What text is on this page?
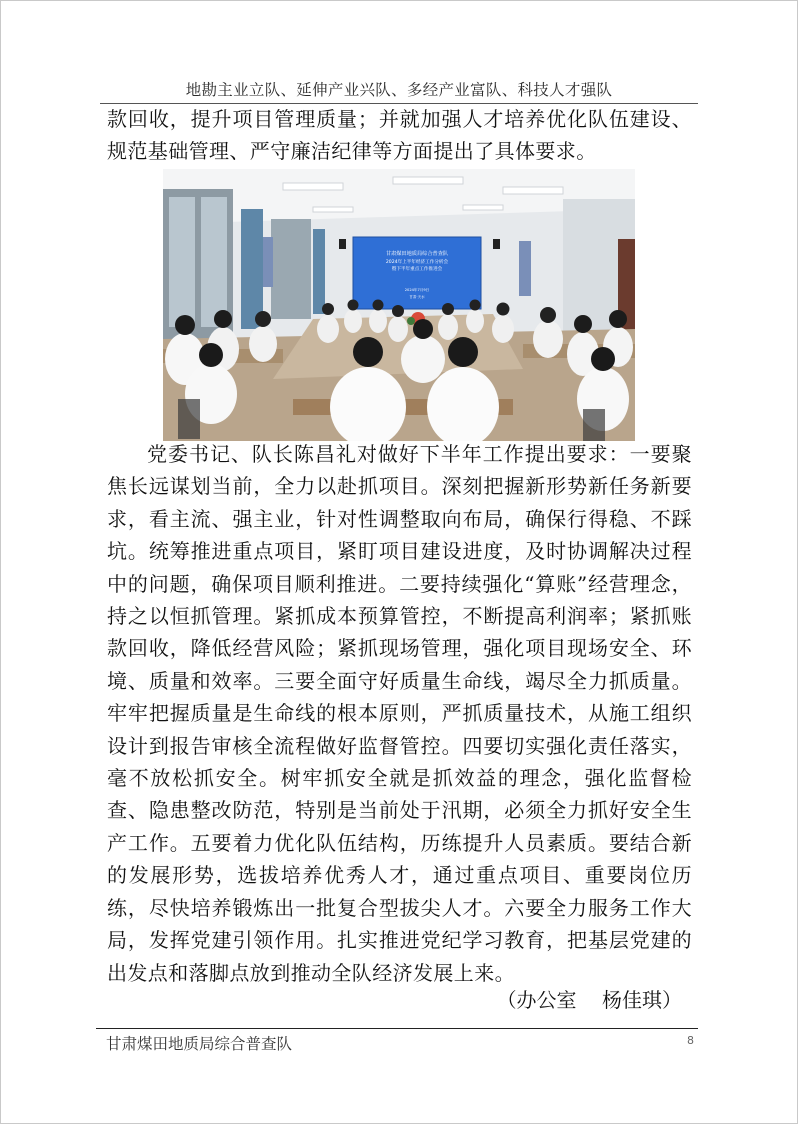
地勘主业立队、延伸产业兴队、多经产业富队、科技人才强队

款回收，提升项目管理质量；并就加强人才培养优化队伍建设、规范基础管理、严守廉洁纪律等方面提出了具体要求。

甘肃煤田地质局综合普查队
2024年上半年经济工作分析会
暨下半年重点工作推进会
2024年7月9日
甘肃·天水

党委书记、队长陈昌礼对做好下半年工作提出要求：一要聚焦长远谋划当前，全力以赴抓项目。深刻把握新形势新任务新要求，看主流、强主业，针对性调整取向布局，确保行得稳、不踩坑。统筹推进重点项目，紧盯项目建设进度，及时协调解决过程中的问题，确保项目顺利推进。二要持续强化“算账”经营理念，持之以恒抓管理。紧抓成本预算管控，不断提高利润率；紧抓账款回收，降低经营风险；紧抓现场管理，强化项目现场安全、环境、质量和效率。三要全面守好质量生命线，竭尽全力抓质量。牢牢把握质量是生命线的根本原则，严抓质量技术，从施工组织设计到报告审核全流程做好监督管控。四要切实强化责任落实，毫不放松抓安全。树牢抓安全就是抓效益的理念，强化监督检查、隐患整改防范，特别是当前处于汛期，必须全力抓好安全生产工作。五要着力优化队伍结构，历练提升人员素质。要结合新的发展形势，选拔培养优秀人才，通过重点项目、重要岗位历练，尽快培养锻炼出一批复合型拔尖人才。六要全力服务工作大局，发挥党建引领作用。扎实推进党纪学习教育，把基层党建的出发点和落脚点放到推动全队经济发展上来。

（办公室    杨佳琪）
甘肃煤田地质局综合普查队	8
